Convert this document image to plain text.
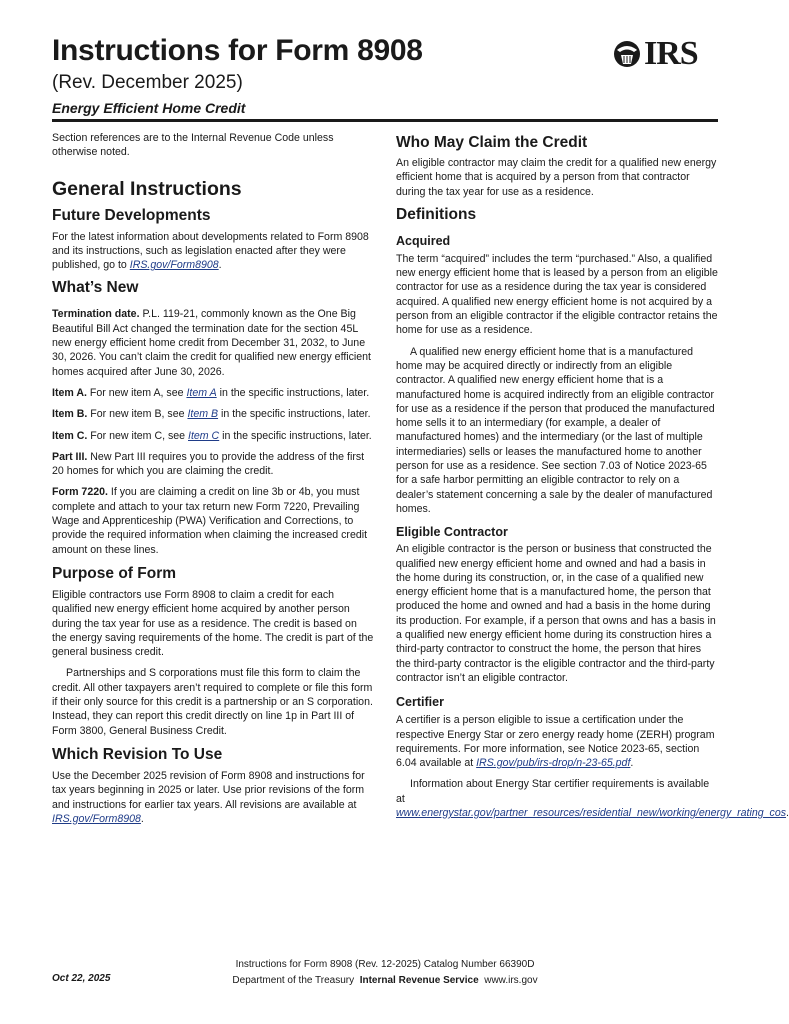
Instructions for Form 8908
(Rev. December 2025)
Energy Efficient Home Credit
IRS

Section references are to the Internal Revenue Code unless otherwise noted.

General Instructions
Future Developments

For the latest information about developments related to Form 8908 and its instructions, such as legislation enacted after they were published, go to IRS.gov/Form8908.

What’s New

Termination date. P.L. 119-21, commonly known as the One Big Beautiful Bill Act changed the termination date for the section 45L new energy efficient home credit from December 31, 2032, to June 30, 2026. You can’t claim the credit for qualified new energy efficient homes acquired after June 30, 2026.

Item A. For new item A, see Item A in the specific instructions, later.

Item B. For new item B, see Item B in the specific instructions, later.

Item C. For new item C, see Item C in the specific instructions, later.

Part III. New Part III requires you to provide the address of the first 20 homes for which you are claiming the credit.

Form 7220. If you are claiming a credit on line 3b or 4b, you must complete and attach to your tax return new Form 7220, Prevailing Wage and Apprenticeship (PWA) Verification and Corrections, to provide the required information when claiming the increased credit amount on these lines.

Purpose of Form

Eligible contractors use Form 8908 to claim a credit for each qualified new energy efficient home acquired by another person during the tax year for use as a residence. The credit is based on the energy saving requirements of the home. The credit is part of the general business credit.

Partnerships and S corporations must file this form to claim the credit. All other taxpayers aren’t required to complete or file this form if their only source for this credit is a partnership or an S corporation. Instead, they can report this credit directly on line 1p in Part III of Form 3800, General Business Credit.

Which Revision To Use

Use the December 2025 revision of Form 8908 and instructions for tax years beginning in 2025 or later. Use prior revisions of the form and instructions for earlier tax years. All revisions are available at IRS.gov/Form8908.

Who May Claim the Credit

An eligible contractor may claim the credit for a qualified new energy efficient home that is acquired by a person from that contractor during the tax year for use as a residence.

Definitions
Acquired

The term “acquired” includes the term “purchased.” Also, a qualified new energy efficient home that is leased by a person from an eligible contractor for use as a residence during the tax year is considered acquired. A qualified new energy efficient home is not acquired by a person from an eligible contractor if the eligible contractor retains the home for use as a residence.

A qualified new energy efficient home that is a manufactured home may be acquired directly or indirectly from an eligible contractor. A qualified new energy efficient home that is a manufactured home is acquired indirectly from an eligible contractor for use as a residence if the person that produced the manufactured home sells it to an intermediary (for example, a dealer of manufactured homes) and the intermediary (or the last of multiple intermediaries) sells or leases the manufactured home to another person for use as a residence. See section 7.03 of Notice 2023-65 for a safe harbor permitting an eligible contractor to rely on a dealer’s statement concerning a sale by the dealer of manufactured homes.

Eligible Contractor

An eligible contractor is the person or business that constructed the qualified new energy efficient home and owned and had a basis in the home during its construction, or, in the case of a qualified new energy efficient home that is a manufactured home, the person that produced the home and owned and had a basis in the home during its production. For example, if a person that owns and has a basis in a qualified new energy efficient home during its construction hires a third-party contractor to construct the home, the person that hires the third-party contractor is the eligible contractor and the third-party contractor isn’t an eligible contractor.

Certifier

A certifier is a person eligible to issue a certification under the respective Energy Star or zero energy ready home (ZERH) program requirements. For more information, see Notice 2023-65, section 6.04 available at IRS.gov/pub/irs-drop/n-23-65.pdf.

Information about Energy Star certifier requirements is available at www.energystar.gov/partner_resources/residential_new/working/energy_rating_cos.

Oct 22, 2025
Instructions for Form 8908 (Rev. 12-2025) Catalog Number 66390D
Department of the Treasury Internal Revenue Service www.irs.gov
